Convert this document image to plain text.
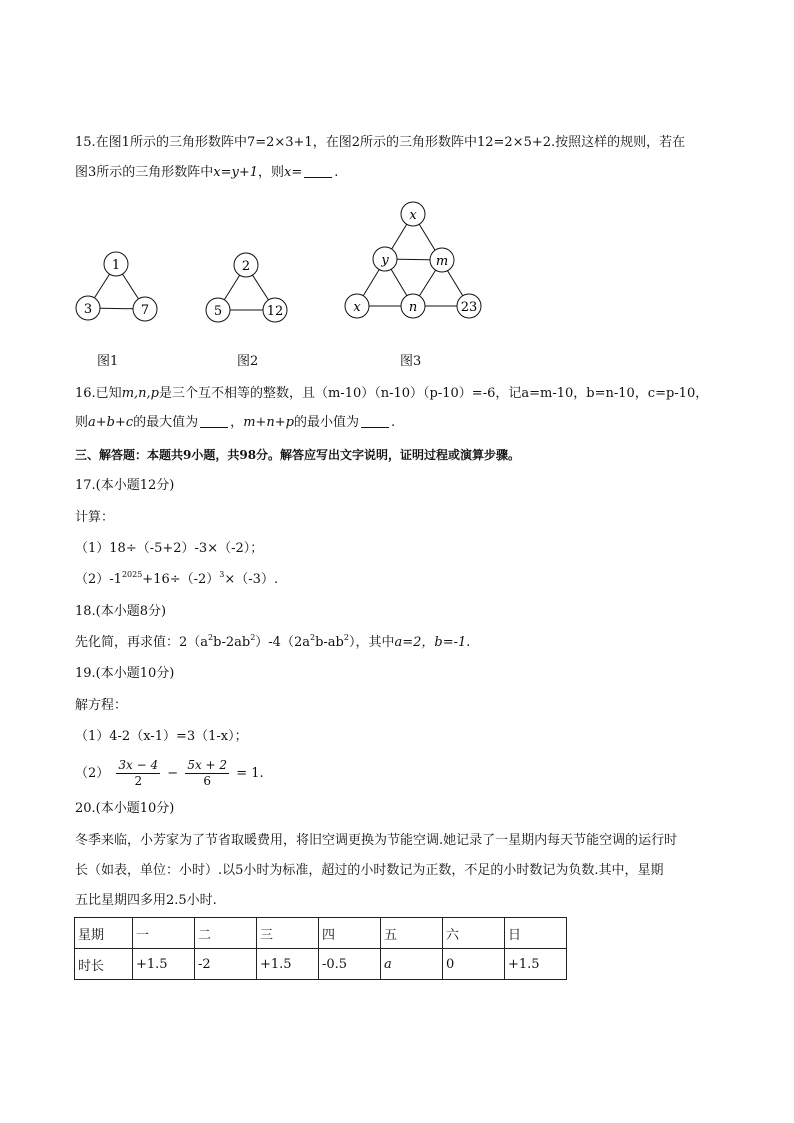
15.在图1所示的三角形数阵中7=2×3+1，在图2所示的三角形数阵中12=2×5+2.按照这样的规则，若在
图3所示的三角形数阵中x=y+1，则x= .
1
3	7
图1
2
5	12
图2
x
y	m
x	n	23
图3
16.已知m,n,p是三个互不相等的整数，且（m-10）（n-10）（p-10）=-6，记a=m-10，b=n-10，c=p-10，
则a+b+c的最大值为 ，m+n+p的最小值为 .
三、解答题：本题共9小题，共98分。解答应写出文字说明，证明过程或演算步骤。
17.(本小题12分)
计算：
（1）18÷（-5+2）-3×（-2）；
$(2)-1^{2025}+16\div(-2)^3\times(-3)$.
18.(本小题8分)
先化简，再求值：$2(a^2b-2ab^2)-4(2a^2b-ab^2)$，其中a=2，b=-1.
19.(本小题10分)
解方程：
（1）4-2（x-1）=3（1-x）；
$(2) \frac{3x - 4}{2} - \frac{5x + 2}{6} = 1$.
20.(本小题10分)
冬季来临，小芳家为了节省取暖费用，将旧空调更换为节能空调.她记录了一星期内每天节能空调的运行时
长（如表，单位：小时）.以5小时为标准，超过的小时数记为正数，不足的小时数记为负数.其中，星期
五比星期四多用2.5小时.
星期	一	二	三	四	五	六	日
时长	+1.5	-2	+1.5	-0.5	a	0	+1.5
